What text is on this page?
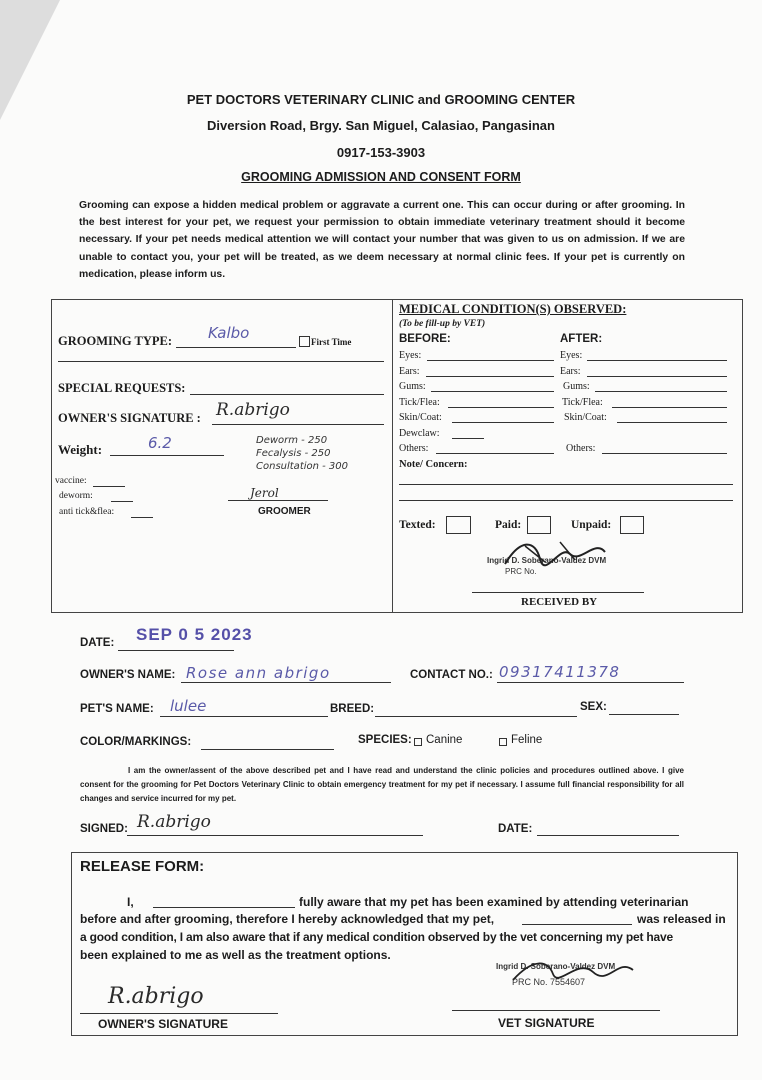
PET DOCTORS VETERINARY CLINIC and GROOMING CENTER
Diversion Road, Brgy. San Miguel, Calasiao, Pangasinan
0917-153-3903
GROOMING ADMISSION AND CONSENT FORM
Grooming can expose a hidden medical problem or aggravate a current one. This can occur during or after grooming. In the best interest for your pet, we request your permission to obtain immediate veterinary treatment should it become necessary. If your pet needs medical attention we will contact your number that was given to us on admission. If we are unable to contact you, your pet will be treated, as we deem necessary at normal clinic fees. If your pet is currently on medication, please inform us.
GROOMING TYPE: Kalbo	First Time
SPECIAL REQUESTS:
OWNER'S SIGNATURE : R.abrigo
Weight:	6.2	Deworm - 250
Fecalysis - 250
Consultation - 300
vaccine:
deworm:
anti tick&flea:
Jerol
GROOMER
MEDICAL CONDITION(S) OBSERVED:
(To be fill-up by VET)
BEFORE:	AFTER:
Eyes:	Eyes:
Ears:	Ears:
Gums:	Gums:
Tick/Flea:	Tick/Flea:
Skin/Coat:	Skin/Coat:
Dewclaw:
Others:	Others:
Note/ Concern:
Texted:	Paid:	Unpaid:
Ingrid D. Soberano-Valdez DVM
PRC No.
RECEIVED BY
DATE: SEP 0 5 2023
OWNER'S NAME: Rose ann abrigo	CONTACT NO.: 09317411378
PET'S NAME: lulee	BREED:	SEX:
COLOR/MARKINGS:	SPECIES: Canine	Feline
I am the owner/assent of the above described pet and I have read and understand the clinic policies and procedures outlined above. I give consent for the grooming for Pet Doctors Veterinary Clinic to obtain emergency treatment for my pet if necessary. I assume full financial responsibility for all changes and service incurred for my pet.
SIGNED: R.abrigo	DATE:
RELEASE FORM:
I,	fully aware that my pet has been examined by attending veterinarian
before and after grooming, therefore I hereby acknowledged that my pet,	was released in
a good condition, I am also aware that if any medical condition observed by the vet concerning my pet have
been explained to me as well as the treatment options.
R.abrigo
OWNER'S SIGNATURE
Ingrid D. Soberano-Valdez DVM
PRC No. 7554607
VET SIGNATURE
